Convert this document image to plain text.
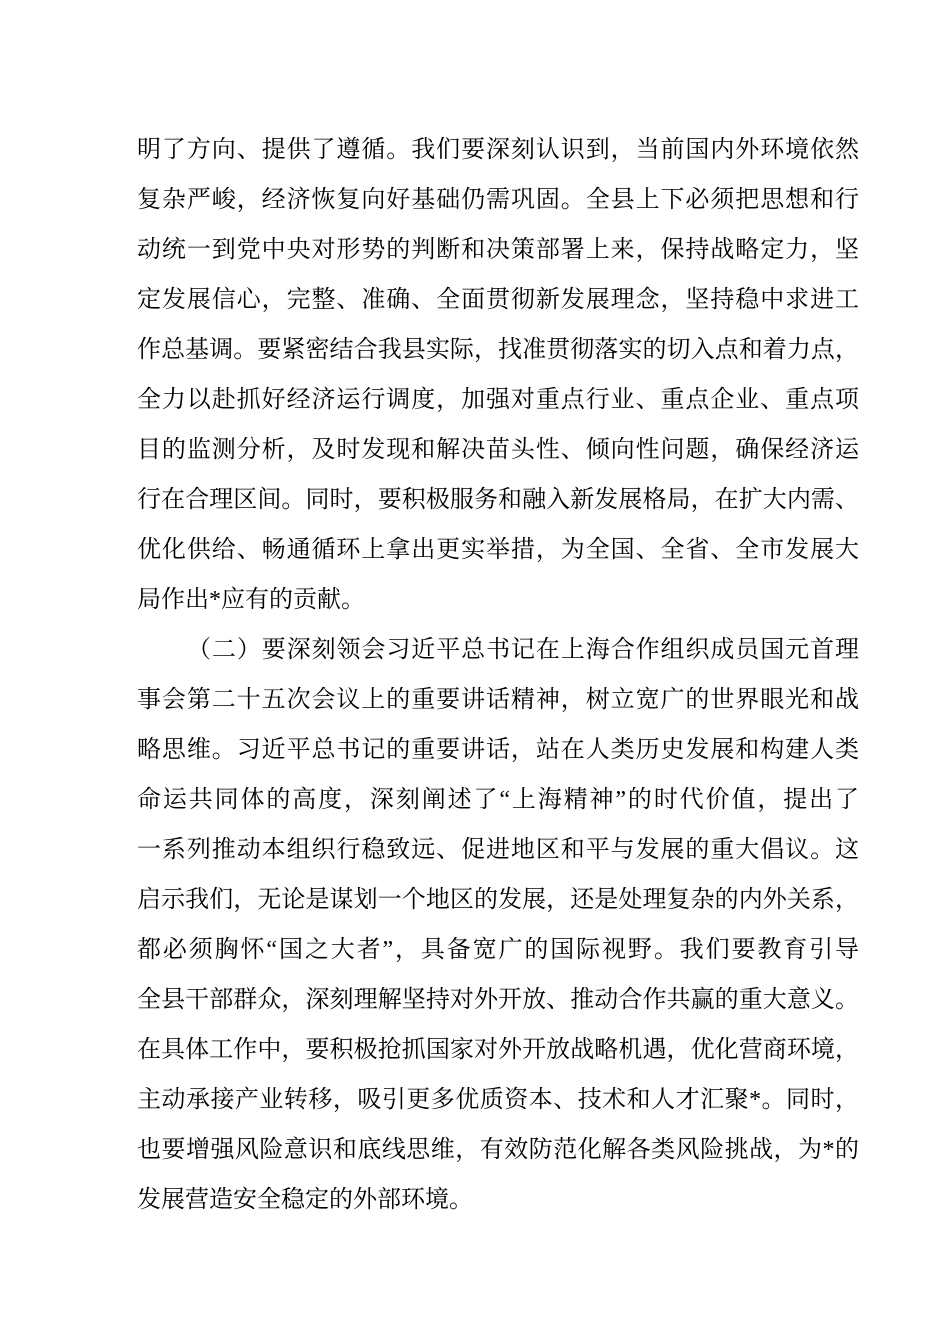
明了方向、提供了遵循。我们要深刻认识到，当前国内外环境依然
复杂严峻，经济恢复向好基础仍需巩固。全县上下必须把思想和行
动统一到党中央对形势的判断和决策部署上来，保持战略定力，坚
定发展信心，完整、准确、全面贯彻新发展理念，坚持稳中求进工
作总基调。要紧密结合我县实际，找准贯彻落实的切入点和着力点，
全力以赴抓好经济运行调度，加强对重点行业、重点企业、重点项
目的监测分析，及时发现和解决苗头性、倾向性问题，确保经济运
行在合理区间。同时，要积极服务和融入新发展格局，在扩大内需、
优化供给、畅通循环上拿出更实举措，为全国、全省、全市发展大
局作出*应有的贡献。
（二）要深刻领会习近平总书记在上海合作组织成员国元首理
事会第二十五次会议上的重要讲话精神，树立宽广的世界眼光和战
略思维。习近平总书记的重要讲话，站在人类历史发展和构建人类
命运共同体的高度，深刻阐述了“上海精神”的时代价值，提出了
一系列推动本组织行稳致远、促进地区和平与发展的重大倡议。这
启示我们，无论是谋划一个地区的发展，还是处理复杂的内外关系，
都必须胸怀“国之大者”，具备宽广的国际视野。我们要教育引导
全县干部群众，深刻理解坚持对外开放、推动合作共赢的重大意义。
在具体工作中，要积极抢抓国家对外开放战略机遇，优化营商环境，
主动承接产业转移，吸引更多优质资本、技术和人才汇聚*。同时，
也要增强风险意识和底线思维，有效防范化解各类风险挑战，为*的
发展营造安全稳定的外部环境。
